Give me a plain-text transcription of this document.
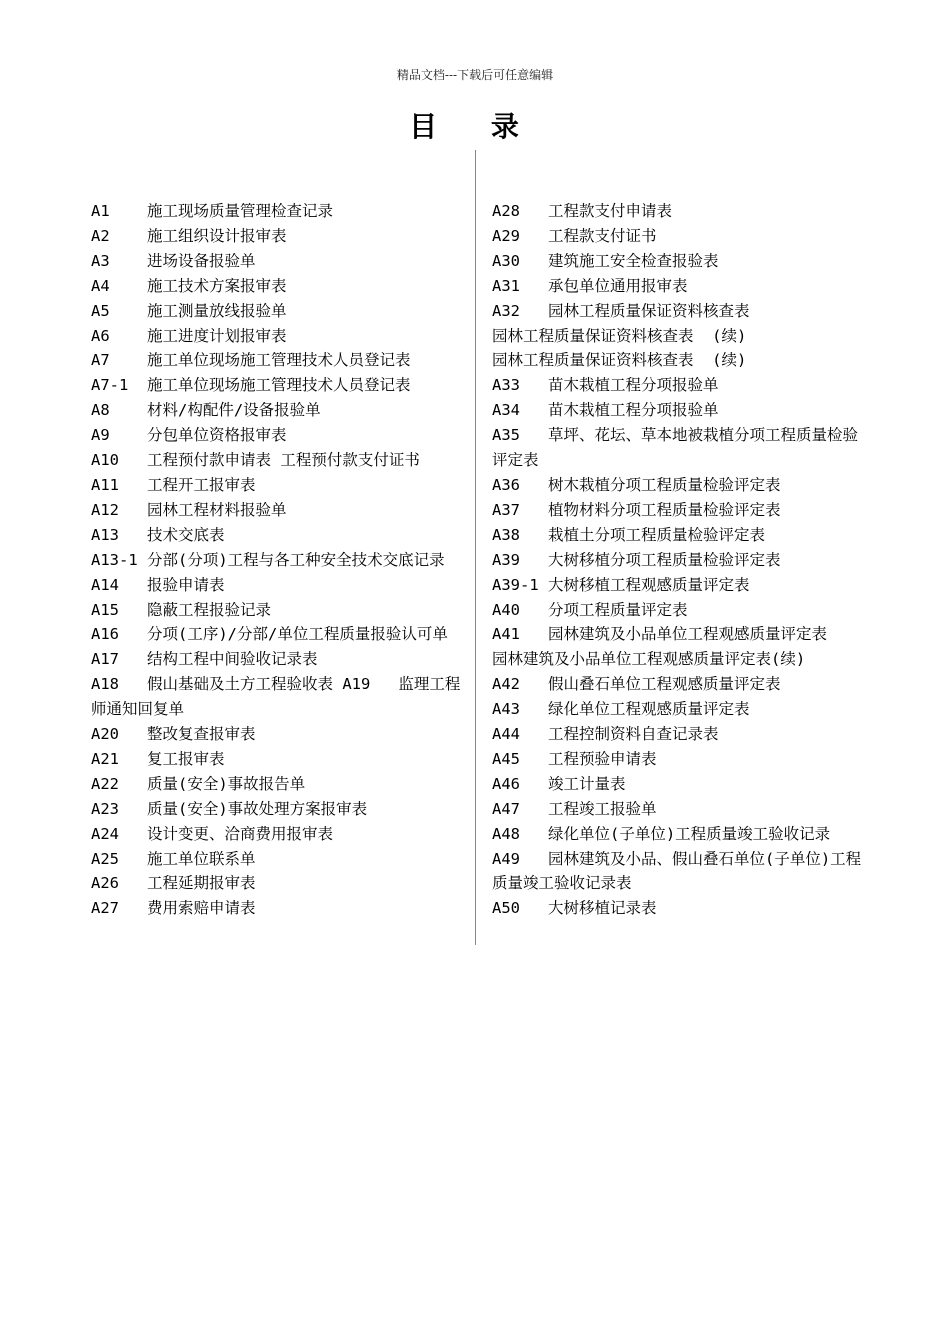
精品文档---下载后可任意编辑
目 录
A1    施工现场质量管理检查记录
A2    施工组织设计报审表
A3    进场设备报验单
A4    施工技术方案报审表
A5    施工测量放线报验单
A6    施工进度计划报审表
A7    施工单位现场施工管理技术人员登记表
A7-1  施工单位现场施工管理技术人员登记表
A8    材料/构配件/设备报验单
A9    分包单位资格报审表
A10   工程预付款申请表 工程预付款支付证书
A11   工程开工报审表
A12   园林工程材料报验单
A13   技术交底表
A13-1 分部(分项)工程与各工种安全技术交底记录
A14   报验申请表
A15   隐蔽工程报验记录
A16   分项(工序)/分部/单位工程质量报验认可单
A17   结构工程中间验收记录表
A18   假山基础及土方工程验收表 A19   监理工程师通知回复单
A20   整改复查报审表
A21   复工报审表
A22   质量(安全)事故报告单
A23   质量(安全)事故处理方案报审表
A24   设计变更、洽商费用报审表
A25   施工单位联系单
A26   工程延期报审表
A27   费用索赔申请表
A28   工程款支付申请表
A29   工程款支付证书
A30   建筑施工安全检查报验表
A31   承包单位通用报审表
A32   园林工程质量保证资料核查表
园林工程质量保证资料核查表  (续)
园林工程质量保证资料核查表  (续)
A33   苗木栽植工程分项报验单
A34   苗木栽植工程分项报验单
A35   草坪、花坛、草本地被栽植分项工程质量检验评定表
A36   树木栽植分项工程质量检验评定表
A37   植物材料分项工程质量检验评定表
A38   栽植土分项工程质量检验评定表
A39   大树移植分项工程质量检验评定表
A39-1 大树移植工程观感质量评定表
A40   分项工程质量评定表
A41   园林建筑及小品单位工程观感质量评定表
园林建筑及小品单位工程观感质量评定表(续)
A42   假山叠石单位工程观感质量评定表
A43   绿化单位工程观感质量评定表
A44   工程控制资料自查记录表
A45   工程预验申请表
A46   竣工计量表
A47   工程竣工报验单
A48   绿化单位(子单位)工程质量竣工验收记录
A49   园林建筑及小品、假山叠石单位(子单位)工程质量竣工验收记录表
A50   大树移植记录表
